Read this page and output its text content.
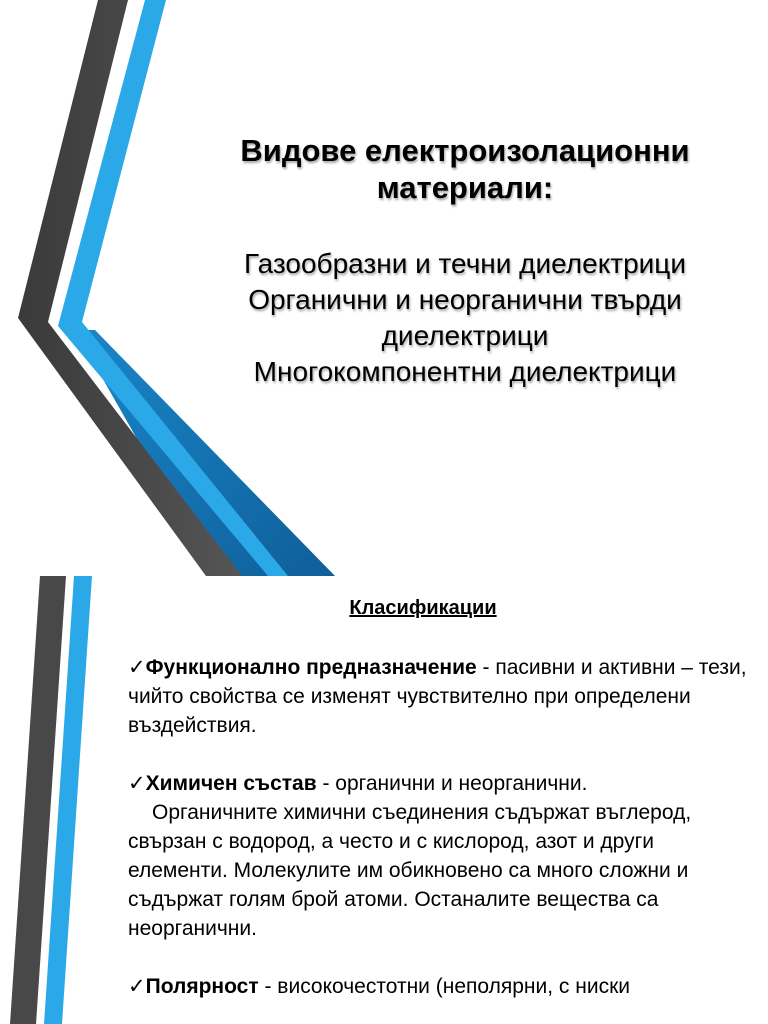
Видове електроизолационни
материали:
Газообразни и течни диелектрици
Органични и неорганични твърди
диелектрици
Многокомпонентни диелектрици

Класификации

✓Функционално предназначение - пасивни и активни – тези, чийто свойства се изменят чувствително при определени въздействия.

✓Химичен състав - органични и неорганични.
Органичните химични съединения съдържат въглерод, свързан с водород, а често и с кислород, азот и други елементи. Молекулите им обикновено са много сложни и съдържат голям брой атоми. Останалите вещества са неорганични.

✓Полярност - високочестотни (неполярни, с ниски
